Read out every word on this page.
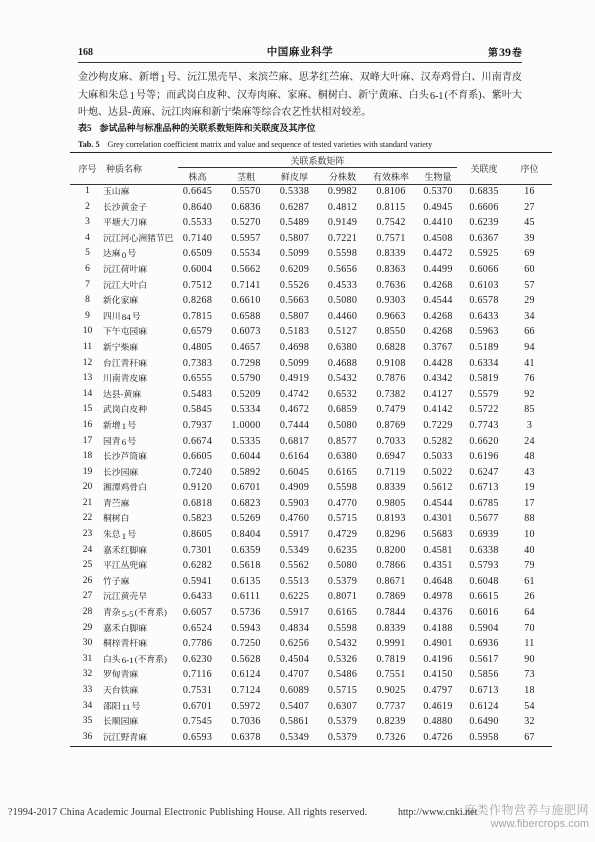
168	中国麻业科学	第39卷

金沙枸皮麻、新增1号、沅江黑壳早、来滨苎麻、思茅红苎麻、双峰大叶麻、汉寿鸡骨白、川南青皮大麻和朱总1号等；而武岗白皮种、汉寿肉麻、家麻、桐树白、新宁黄麻、白头6-1(不育系)、紫叶大叶炮、达县-黄麻、沅江肉麻和新宁柴麻等综合农艺性状相对较差。

表5 参试品种与标准品种的关联系数矩阵和关联度及其序位
Tab. 5 Grey correlation coefficient matrix and value and sequence of tested varieties with standard variety
序号	种质名称
关联系数矩阵
关联度	序位
株高	茎粗	鲜皮厚	分株数	有效株率	生物量
1	玉山麻	0.6645	0.5570	0.5338	0.9982	0.8106	0.5370	0.6835	16
2	长沙黄金子	0.8640	0.6836	0.6287	0.4812	0.8115	0.4945	0.6606	27
3	平塘大刀麻	0.5533	0.5270	0.5489	0.9149	0.7542	0.4410	0.6239	45
4	沅江河心洲猪节巴 0.7140	0.5957	0.5807	0.7221	0.7571	0.4508	0.6367	39
5	达麻0号	0.6509	0.5534	0.5099	0.5598	0.8339	0.4472	0.5925	69
6	沅江荷叶麻	0.6004	0.5662	0.6209	0.5656	0.8363	0.4499	0.6066	60
7	沅江大叶白	0.7512	0.7141	0.5526	0.4533	0.7636	0.4268	0.6103	57
8	新化家麻	0.8268	0.6610	0.5663	0.5080	0.9303	0.4544	0.6578	29
9	四川84号	0.7815	0.6588	0.5807	0.4460	0.9663	0.4268	0.6433	34
10	下午屯园麻	0.6579	0.6073	0.5183	0.5127	0.8550	0.4268	0.5963	66
11	新宁柴麻	0.4805	0.4657	0.4698	0.6380	0.6828	0.3767	0.5189	94
12	台江青秆麻	0.7383	0.7298	0.5099	0.4688	0.9108	0.4428	0.6334	41
13	川南青皮麻	0.6555	0.5790	0.4919	0.5432	0.7876	0.4342	0.5819	76
14	达县-黄麻	0.5483	0.5209	0.4742	0.6532	0.7382	0.4127	0.5579	92
15	武岗白皮种	0.5845	0.5334	0.4672	0.6859	0.7479	0.4142	0.5722	85
16	新增1号	0.7937	1.0000	0.7444	0.5080	0.8769	0.7229	0.7743	3
17	园青6号	0.6674	0.5335	0.6817	0.8577	0.7033	0.5282	0.6620	24
18	长沙芦筒麻	0.6605	0.6044	0.6164	0.6380	0.6947	0.5033	0.6196	48
19	长沙园麻	0.7240	0.5892	0.6045	0.6165	0.7119	0.5022	0.6247	43
20	湘潭鸡骨白	0.9120	0.6701	0.4909	0.5598	0.8339	0.5612	0.6713	19
21	青苎麻	0.6818	0.6823	0.5903	0.4770	0.9805	0.4544	0.6785	17
22	桐树白	0.5823	0.5269	0.4760	0.5715	0.8193	0.4301	0.5677	88
23	朱总1号	0.8605	0.8404	0.5917	0.4729	0.8296	0.5683	0.6939	10
24	嘉禾红脚麻	0.7301	0.6359	0.5349	0.6235	0.8200	0.4581	0.6338	40
25	平江丛兜麻	0.6282	0.5618	0.5562	0.5080	0.7866	0.4351	0.5793	79
26	竹子麻	0.5941	0.6135	0.5513	0.5379	0.8671	0.4648	0.6048	61
27	沅江黄壳早	0.6433	0.6111	0.6225	0.8071	0.7869	0.4978	0.6615	26
28	青杂5-5(不育系)	0.6057	0.5736	0.5917	0.6165	0.7844	0.4376	0.6016	64
29	嘉禾白脚麻	0.6524	0.5943	0.4834	0.5598	0.8339	0.4188	0.5904	70
30	桐梓青杆麻	0.7786	0.7250	0.6256	0.5432	0.9991	0.4901	0.6936	11
31	白头6-1(不育系)	0.6230	0.5628	0.4504	0.5326	0.7819	0.4196	0.5617	90
32	罗甸青麻	0.7116	0.6124	0.4707	0.5486	0.7551	0.4150	0.5856	73
33	天台铁麻	0.7531	0.7124	0.6089	0.5715	0.9025	0.4797	0.6713	18
34	邵阳11号	0.6701	0.5972	0.5407	0.6307	0.7737	0.4619	0.6124	54
35	长顺园麻	0.7545	0.7036	0.5861	0.5379	0.8239	0.4880	0.6490	32
36	沅江野青麻	0.6593	0.6378	0.5349	0.5379	0.7326	0.4726	0.5958	67
?1994-2017 China Academic Journal Electronic Publishing House. All rights reserved.	http://www.cnki.net
麻类作物营养与施肥网
www.fibercrops.com
